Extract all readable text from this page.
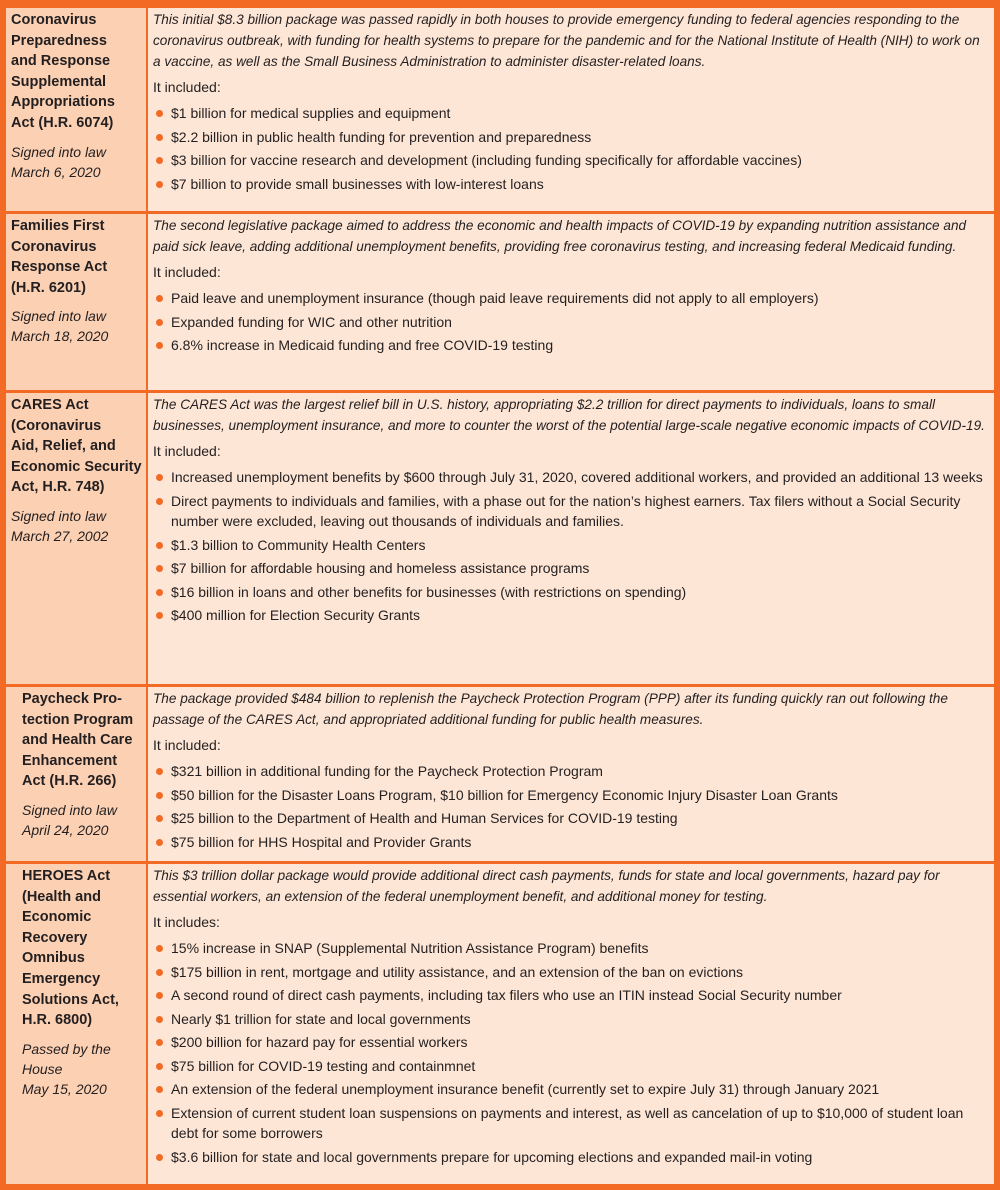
Coronavirus
Preparedness
and Response
Supplemental
Appropriations
Act (H.R. 6074)
Signed into law
March 6, 2020
This initial $8.3 billion package was passed rapidly in both houses to provide emergency funding to federal agencies responding to the coronavirus outbreak, with funding for health systems to prepare for the pandemic and for the National Institute of Health (NIH) to work on a vaccine, as well as the Small Business Administration to administer disaster-related loans.
It included:
$1 billion for medical supplies and equipment
$2.2 billion in public health funding for prevention and preparedness
$3 billion for vaccine research and development (including funding specifically for affordable vaccines)
$7 billion to provide small businesses with low-interest loans
Families First
Coronavirus
Response Act
(H.R. 6201)
Signed into law
March 18, 2020
The second legislative package aimed to address the economic and health impacts of COVID-19 by expanding nutrition assistance and paid sick leave, adding additional unemployment benefits, providing free coronavirus testing, and increasing federal Medicaid funding.
It included:
Paid leave and unemployment insurance (though paid leave requirements did not apply to all employers)
Expanded funding for WIC and other nutrition
6.8% increase in Medicaid funding and free COVID-19 testing
CARES Act
(Coronavirus
Aid, Relief, and
Economic Security
Act, H.R. 748)
Signed into law
March 27, 2002
The CARES Act was the largest relief bill in U.S. history, appropriating $2.2 trillion for direct payments to individuals, loans to small businesses, unemployment insurance, and more to counter the worst of the potential large-scale negative economic impacts of COVID-19.
It included:
Increased unemployment benefits by $600 through July 31, 2020, covered additional workers, and provided an additional 13 weeks
Direct payments to individuals and families, with a phase out for the nation’s highest earners. Tax filers without a Social Security number were excluded, leaving out thousands of individuals and families.
$1.3 billion to Community Health Centers
$7 billion for affordable housing and homeless assistance programs
$16 billion in loans and other benefits for businesses (with restrictions on spending)
$400 million for Election Security Grants
Paycheck Pro-
tection Program
and Health Care
Enhancement
Act (H.R. 266)
Signed into law
April 24, 2020
The package provided $484 billion to replenish the Paycheck Protection Program (PPP) after its funding quickly ran out following the passage of the CARES Act, and appropriated additional funding for public health measures.
It included:
$321 billion in additional funding for the Paycheck Protection Program
$50 billion for the Disaster Loans Program, $10 billion for Emergency Economic Injury Disaster Loan Grants
$25 billion to the Department of Health and Human Services for COVID-19 testing
$75 billion for HHS Hospital and Provider Grants
HEROES Act
(Health and
Economic
Recovery
Omnibus
Emergency
Solutions Act,
H.R. 6800)
Passed by the
House
May 15, 2020
This $3 trillion dollar package would provide additional direct cash payments, funds for state and local governments, hazard pay for essential workers, an extension of the federal unemployment benefit, and additional money for testing.
It includes:
15% increase in SNAP (Supplemental Nutrition Assistance Program) benefits
$175 billion in rent, mortgage and utility assistance, and an extension of the ban on evictions
A second round of direct cash payments, including tax filers who use an ITIN instead Social Security number
Nearly $1 trillion for state and local governments
$200 billion for hazard pay for essential workers
$75 billion for COVID-19 testing and containmnet
An extension of the federal unemployment insurance benefit (currently set to expire July 31) through January 2021
Extension of current student loan suspensions on payments and interest, as well as cancelation of up to $10,000 of student loan debt for some borrowers
$3.6 billion for state and local governments prepare for upcoming elections and expanded mail-in voting
